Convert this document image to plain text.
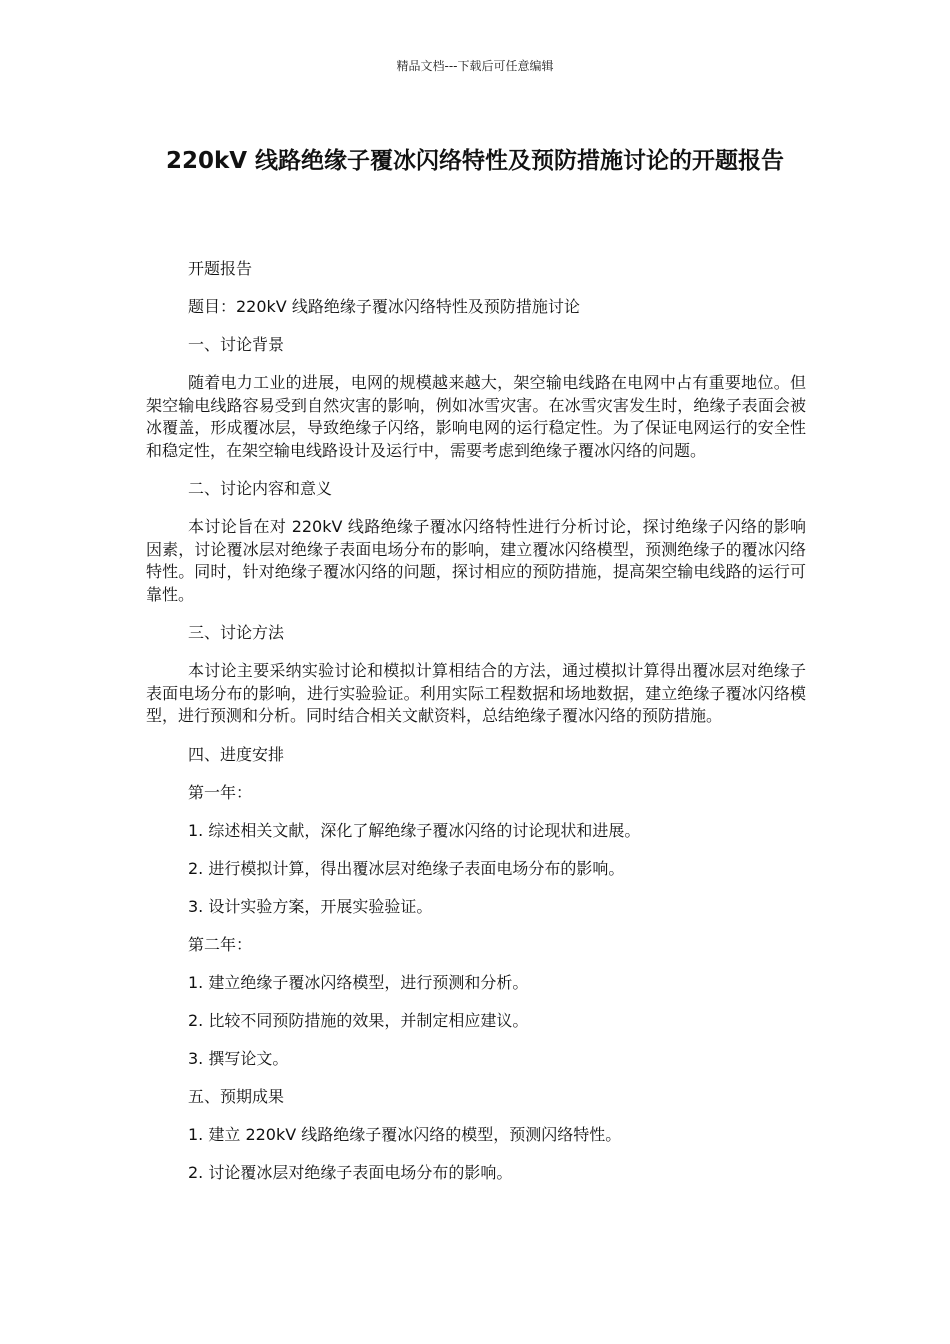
精品文档---下载后可任意编辑
220kV 线路绝缘子覆冰闪络特性及预防措施讨论的开题报告

开题报告

题目：220kV 线路绝缘子覆冰闪络特性及预防措施讨论

一、讨论背景

随着电力工业的进展，电网的规模越来越大，架空输电线路在电网中占有重要地位。但架空输电线路容易受到自然灾害的影响，例如冰雪灾害。在冰雪灾害发生时，绝缘子表面会被冰覆盖，形成覆冰层，导致绝缘子闪络，影响电网的运行稳定性。为了保证电网运行的安全性和稳定性，在架空输电线路设计及运行中，需要考虑到绝缘子覆冰闪络的问题。

二、讨论内容和意义

本讨论旨在对 220kV 线路绝缘子覆冰闪络特性进行分析讨论，探讨绝缘子闪络的影响因素，讨论覆冰层对绝缘子表面电场分布的影响，建立覆冰闪络模型，预测绝缘子的覆冰闪络特性。同时，针对绝缘子覆冰闪络的问题，探讨相应的预防措施，提高架空输电线路的运行可靠性。

三、讨论方法

本讨论主要采纳实验讨论和模拟计算相结合的方法，通过模拟计算得出覆冰层对绝缘子表面电场分布的影响，进行实验验证。利用实际工程数据和场地数据，建立绝缘子覆冰闪络模型，进行预测和分析。同时结合相关文献资料，总结绝缘子覆冰闪络的预防措施。

四、进度安排

第一年：

1. 综述相关文献，深化了解绝缘子覆冰闪络的讨论现状和进展。

2. 进行模拟计算，得出覆冰层对绝缘子表面电场分布的影响。

3. 设计实验方案，开展实验验证。

第二年：

1. 建立绝缘子覆冰闪络模型，进行预测和分析。

2. 比较不同预防措施的效果，并制定相应建议。

3. 撰写论文。

五、预期成果

1. 建立 220kV 线路绝缘子覆冰闪络的模型，预测闪络特性。

2. 讨论覆冰层对绝缘子表面电场分布的影响。
